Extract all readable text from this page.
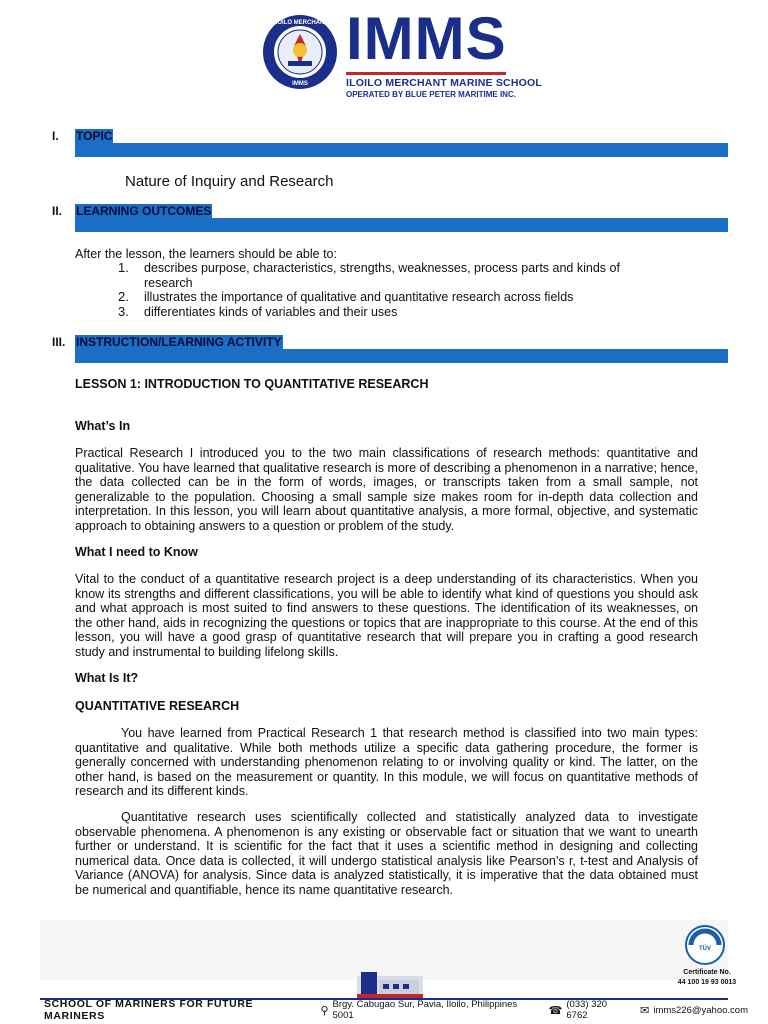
ILOILO MERCHANT
IMMS
IMMS
ILOILO MERCHANT MARINE SCHOOL
OPERATED BY BLUE PETER MARITIME INC.
I. TOPIC
Nature of Inquiry and Research
II. LEARNING OUTCOMES
After the lesson, the learners should be able to:
1.	describes purpose, characteristics, strengths, weaknesses, process parts and kinds of research
2.	illustrates the importance of qualitative and quantitative research across fields
3.	differentiates kinds of variables and their uses
III. INSTRUCTION/LEARNING ACTIVITY
LESSON 1: INTRODUCTION TO QUANTITATIVE RESEARCH
What’s In

Practical Research I introduced you to the two main classifications of research methods: quantitative and qualitative. You have learned that qualitative research is more of describing a phenomenon in a narrative; hence, the data collected can be in the form of words, images, or transcripts taken from a small sample, not generalizable to the population. Choosing a small sample size makes room for in-depth data collection and interpretation. In this lesson, you will learn about quantitative analysis, a more formal, objective, and systematic approach to obtaining answers to a question or problem of the study.

What I need to Know

Vital to the conduct of a quantitative research project is a deep understanding of its characteristics. When you know its strengths and different classifications, you will be able to identify what kind of questions you should ask and what approach is most suited to find answers to these questions. The identification of its weaknesses, on the other hand, aids in recognizing the questions or topics that are inappropriate to this course. At the end of this lesson, you will have a good grasp of quantitative research that will prepare you in crafting a good research study and instrumental to building lifelong skills.

What Is It?
QUANTITATIVE RESEARCH

You have learned from Practical Research 1 that research method is classified into two main types: quantitative and qualitative. While both methods utilize a specific data gathering procedure, the former is generally concerned with understanding phenomenon relating to or involving quality or kind. The latter, on the other hand, is based on the measurement or quantity. In this module, we will focus on quantitative methods of research and its different kinds.

Quantitative research uses scientifically collected and statistically analyzed data to investigate observable phenomena. A phenomenon is any existing or observable fact or situation that we want to unearth further or understand. It is scientific for the fact that it uses a scientific method in designing and collecting numerical data. Once data is collected, it will undergo statistical analysis like Pearson’s r, t-test and Analysis of Variance (ANOVA) for analysis. Since data is analyzed statistically, it is imperative that the data obtained must be numerical and quantifiable, hence its name quantitative research.

TÜV
Certificate No.
44 100 19 93 0013
SCHOOL OF MARINERS FOR FUTURE MARINERS	⚲ Brgy. Cabugao Sur, Pavia, Iloilo, Philippines 5001	☎ (033) 320 6762	✉ imms226@yahoo.com
